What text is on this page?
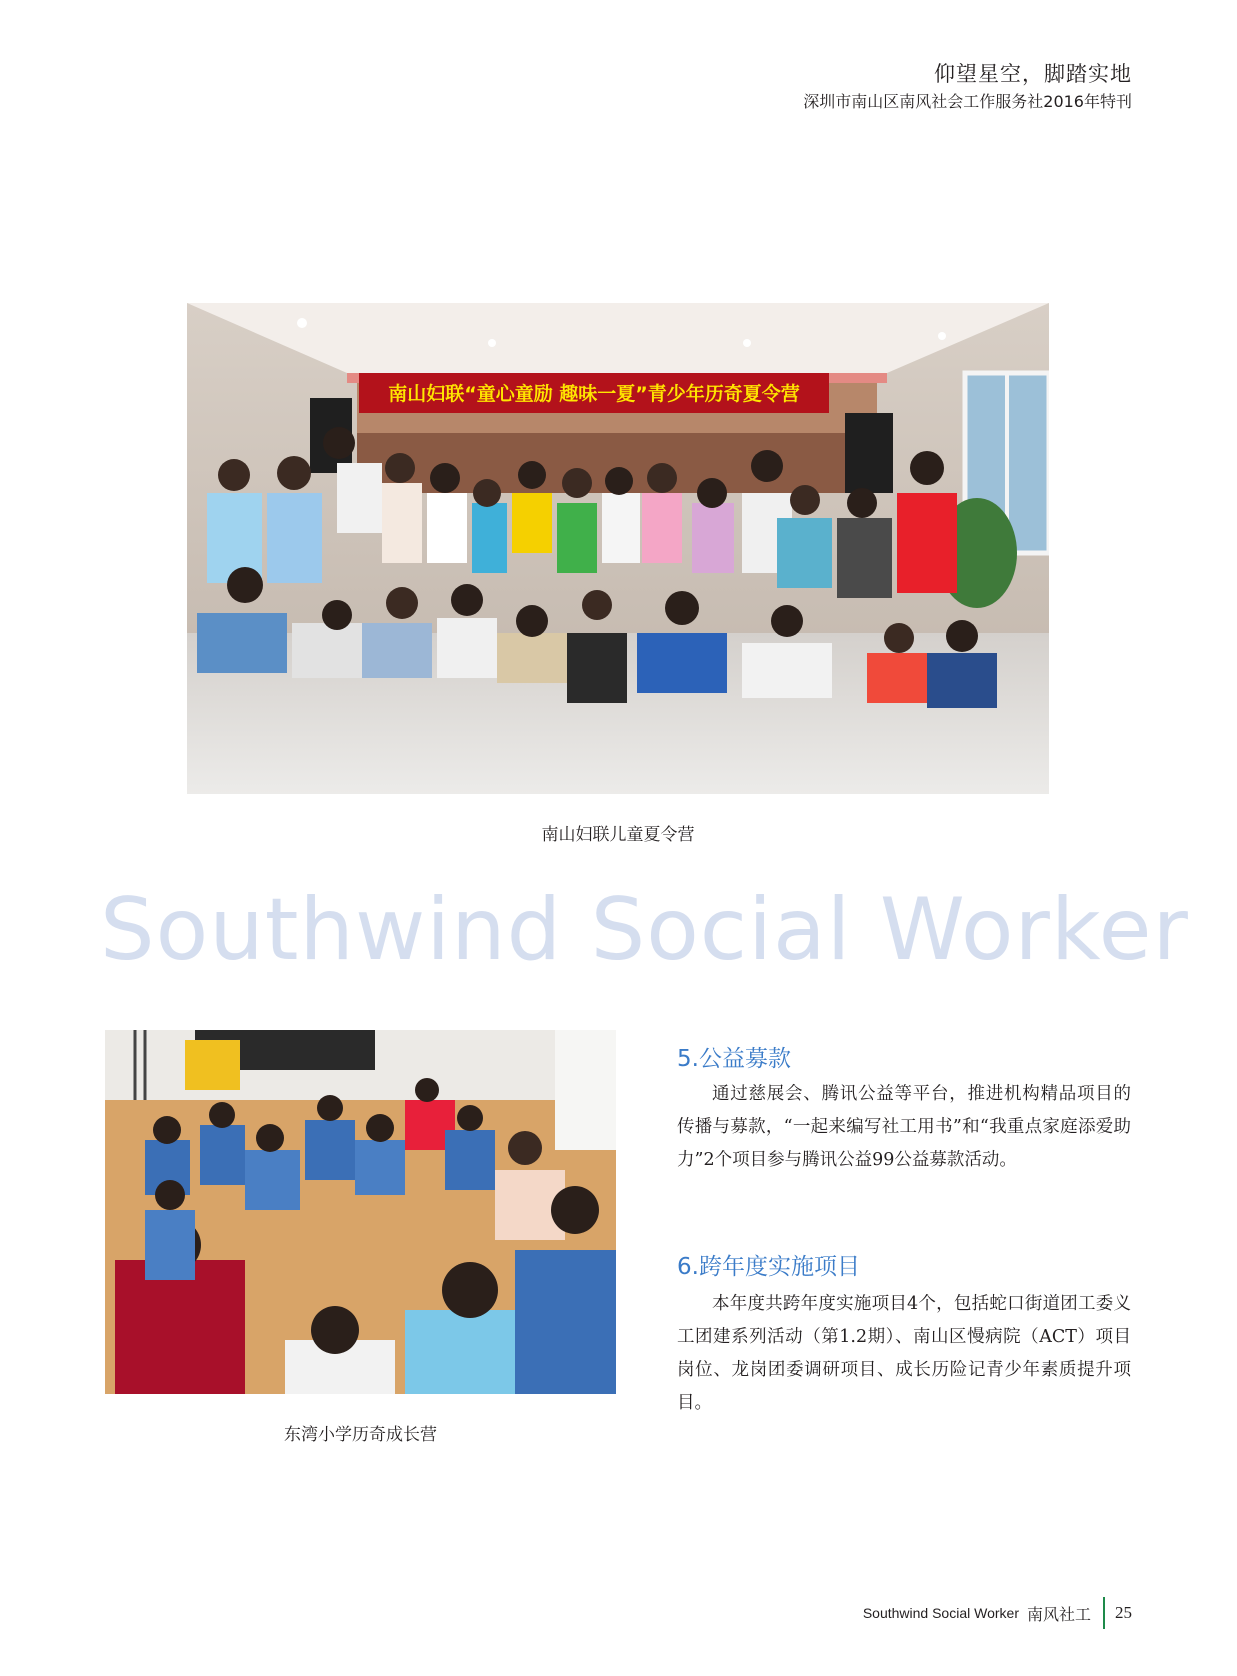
仰望星空，脚踏实地
深圳市南山区南风社会工作服务社2016年特刊
南山妇联“童心童励 趣味一夏”青少年历奇夏令营
南山妇联儿童夏令营
Southwind Social Worker
东湾小学历奇成长营
5.公益募款
通过慈展会、腾讯公益等平台，推进机构精品项目的传播与募款，“一起来编写社工用书”和“我重点家庭添爱助力”2个项目参与腾讯公益99公益募款活动。
6.跨年度实施项目
本年度共跨年度实施项目4个，包括蛇口街道团工委义工团建系列活动（第1.2期）、南山区慢病院（ACT）项目岗位、龙岗团委调研项目、成长历险记青少年素质提升项目。
Southwind Social Worker 南风社工 25
